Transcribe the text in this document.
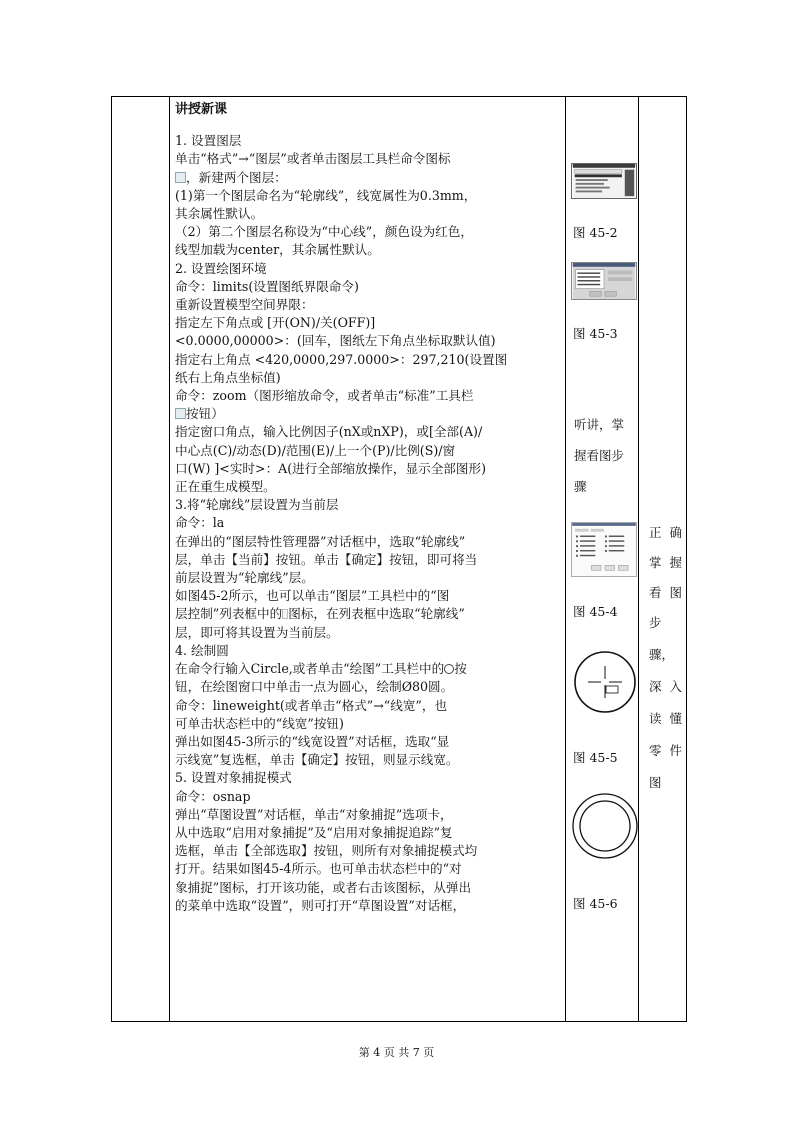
讲授新课

1. 设置图层

单击“格式”→“图层”或者单击图层工具栏命令图标

，新建两个图层：

(1)第一个图层命名为“轮廓线”，线宽属性为0.3mm，

其余属性默认。

（2）第二个图层名称设为“中心线”，颜色设为红色，

线型加载为center，其余属性默认。

2. 设置绘图环境

命令：limits(设置图纸界限命令)

重新设置模型空间界限：

指定左下角点或 [开(ON)/关(OFF)]

<0.0000,00000>：(回车，图纸左下角点坐标取默认值)

指定右上角点 <420,0000,297.0000>：297,210(设置图

纸右上角点坐标值)

命令：zoom（图形缩放命令，或者单击“标准”工具栏

按钮）

指定窗口角点，输入比例因子(nX或nXP)，或[全部(A)/

中心点(C)/动态(D)/范围(E)/上一个(P)/比例(S)/窗

口(W) ]<实时>：A(进行全部缩放操作，显示全部图形)

正在重生成模型。

3.将“轮廓线”层设置为当前层

命令：la

在弹出的“图层特性管理器”对话框中，选取“轮廓线”

层，单击【当前】按钮。单击【确定】按钮，即可将当

前层设置为“轮廓线”层。

如图45-2所示，也可以单击“图层”工具栏中的“图

层控制”列表框中的 图标，在列表框中选取“轮廓线”

层，即可将其设置为当前层。

4. 绘制圆

在命令行输入Circle,或者单击“绘图”工具栏中的 按

钮，在绘图窗口中单击一点为圆心，绘制Ø80圆。

命令：lineweight(或者单击“格式”→“线宽”，也

可单击状态栏中的“线宽”按钮)

弹出如图45-3所示的“线宽设置”对话框，选取“显

示线宽”复选框，单击【确定】按钮，则显示线宽。

5. 设置对象捕捉模式

命令：osnap

弹出“草图设置”对话框，单击“对象捕捉”选项卡，

从中选取“启用对象捕捉”及“启用对象捕捉追踪”复

选框，单击【全部选取】按钮，则所有对象捕捉模式均

打开。结果如图45-4所示。也可单击状态栏中的“对

象捕捉”图标，打开该功能，或者右击该图标，从弹出

的菜单中选取“设置”，则可打开“草图设置”对话框，

图 45-2
图 45-3
听讲，掌
握看图步
骤
图 45-4
图 45-5
图 45-6
正确
掌握
看图
步
骤，
深入
读懂
零件
图
第 4 页 共 7 页
